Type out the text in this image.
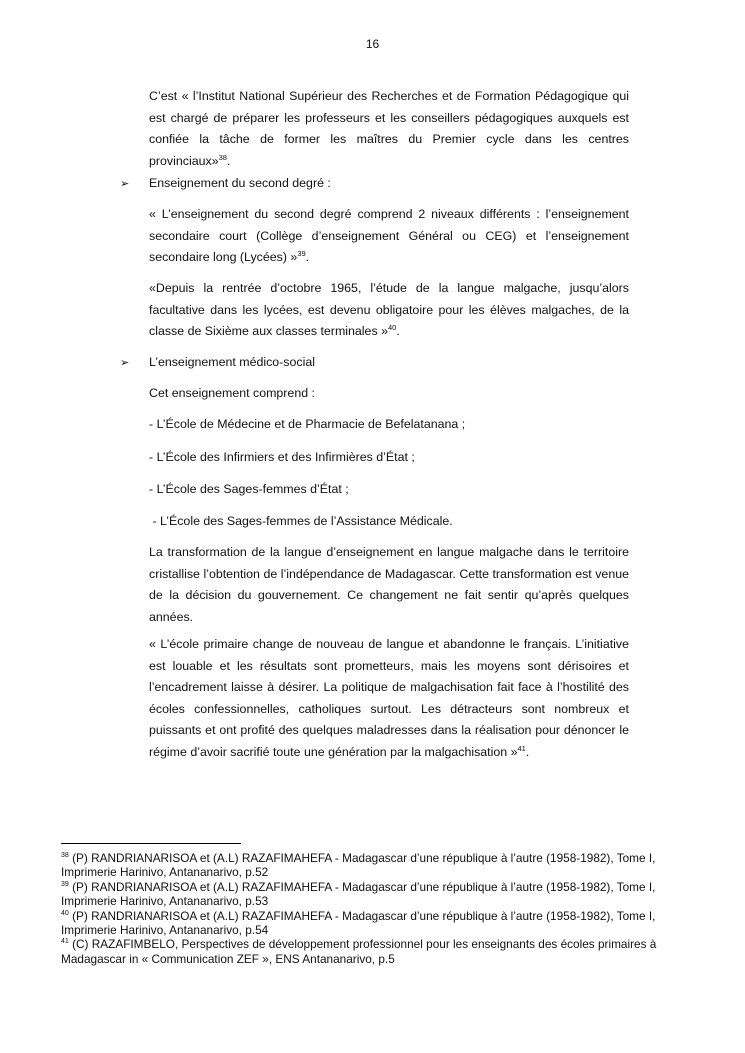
16

C’est « l’Institut National Supérieur des Recherches et de Formation Pédagogique qui est chargé de préparer les professeurs et les conseillers pédagogiques auxquels est confiée la tâche de former les maîtres du Premier cycle dans les centres provinciaux»$^{38}$.

➢ Enseignement du second degré :

« L’enseignement du second degré comprend 2 niveaux différents : l’enseignement secondaire court (Collège d’enseignement Général ou CEG) et l’enseignement secondaire long (Lycées) »$^{39}$.

«Depuis la rentrée d’octobre 1965, l’étude de la langue malgache, jusqu’alors facultative dans les lycées, est devenu obligatoire pour les élèves malgaches, de la classe de Sixième aux classes terminales »$^{40}$.

➢ L’enseignement médico-social

Cet enseignement comprend :

- L’École de Médecine et de Pharmacie de Befelatanana ;

- L’École des Infirmiers et des Infirmières d’État ;

- L’École des Sages-femmes d’État ;

- L’École des Sages-femmes de l’Assistance Médicale.

La transformation de la langue d’enseignement en langue malgache dans le territoire cristallise l’obtention de l’indépendance de Madagascar. Cette transformation est venue de la décision du gouvernement. Ce changement ne fait sentir qu’après quelques années.

« L’école primaire change de nouveau de langue et abandonne le français. L’initiative est louable et les résultats sont prometteurs, mais les moyens sont dérisoires et l’encadrement laisse à désirer. La politique de malgachisation fait face à l’hostilité des écoles confessionnelles, catholiques surtout. Les détracteurs sont nombreux et puissants et ont profité des quelques maladresses dans la réalisation pour dénoncer le régime d’avoir sacrifié toute une génération par la malgachisation »$^{41}$.

$^{38}$ (P) RANDRIANARISOA et (A.L) RAZAFIMAHEFA - Madagascar d’une république à l’autre (1958-1982), Tome I, Imprimerie Harinivo, Antananarivo, p.52

$^{39}$ (P) RANDRIANARISOA et (A.L) RAZAFIMAHEFA - Madagascar d’une république à l’autre (1958-1982), Tome I, Imprimerie Harinivo, Antananarivo, p.53

$^{40}$ (P) RANDRIANARISOA et (A.L) RAZAFIMAHEFA - Madagascar d’une république à l’autre (1958-1982), Tome I, Imprimerie Harinivo, Antananarivo, p.54

$^{41}$ (C) RAZAFIMBELO, Perspectives de développement professionnel pour les enseignants des écoles primaires à Madagascar in « Communication ZEF », ENS Antananarivo, p.5
